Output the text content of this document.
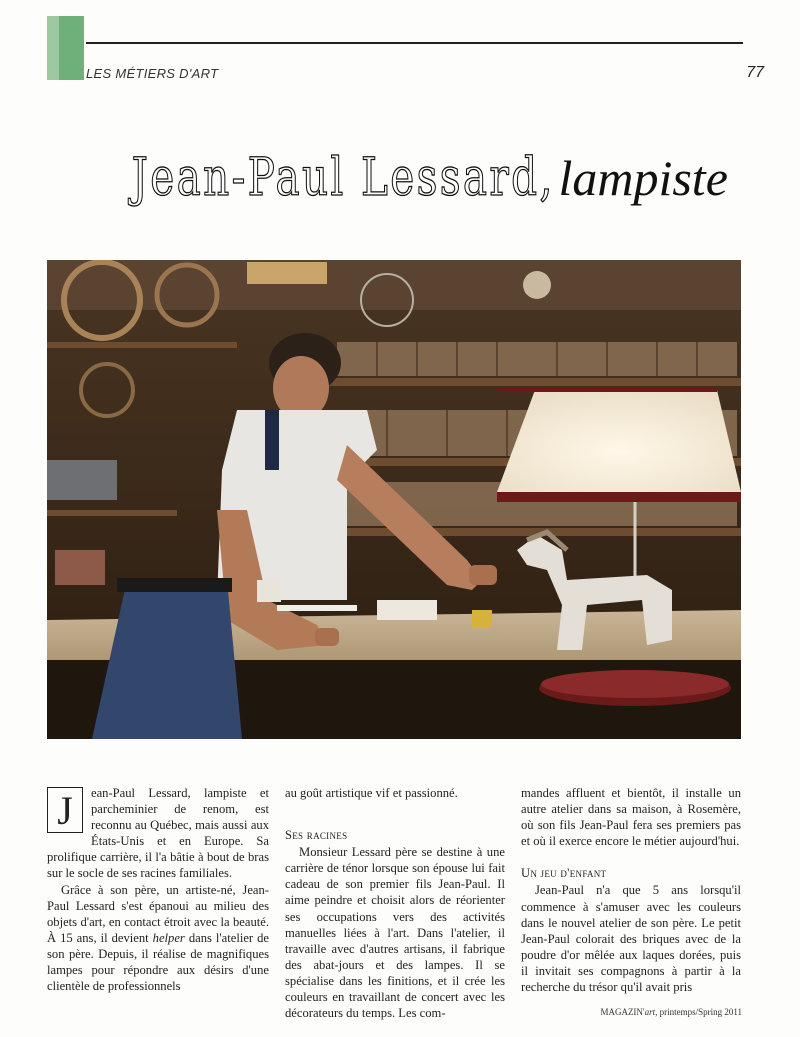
LES MÉTIERS D'ART	77
Jean-Paul Lessard, lampiste

J	ean-Paul Lessard, lampiste et parcheminier de renom, est reconnu au Québec, mais aussi aux États-Unis et en Europe. Sa prolifique carrière, il l'a bâtie à bout de bras sur le socle de ses racines familiales.

Grâce à son père, un artiste-né, Jean-Paul Lessard s'est épanoui au milieu des objets d'art, en contact étroit avec la beauté. À 15 ans, il devient helper dans l'atelier de son père. Depuis, il réalise de magnifiques lampes pour répondre aux désirs d'une clientèle de professionnels

au goût artistique vif et passionné.

Ses racines

Monsieur Lessard père se destine à une carrière de ténor lorsque son épouse lui fait cadeau de son premier fils Jean-Paul. Il aime peindre et choisit alors de réorienter ses occupations vers des activités manuelles liées à l'art. Dans l'atelier, il travaille avec d'autres artisans, il fabrique des abat-jours et des lampes. Il se spécialise dans les finitions, et il crée les couleurs en travaillant de concert avec les décorateurs du temps. Les com-

mandes affluent et bientôt, il installe un autre atelier dans sa maison, à Rosemère, où son fils Jean-Paul fera ses premiers pas et où il exerce encore le métier aujourd'hui.

Un jeu d'enfant

Jean-Paul n'a que 5 ans lorsqu'il commence à s'amuser avec les couleurs dans le nouvel atelier de son père. Le petit Jean-Paul colorait des briques avec de la poudre d'or mêlée aux laques dorées, puis il invitait ses compagnons à partir à la recherche du trésor qu'il avait pris

MAGAZIN'art, printemps/Spring 2011
